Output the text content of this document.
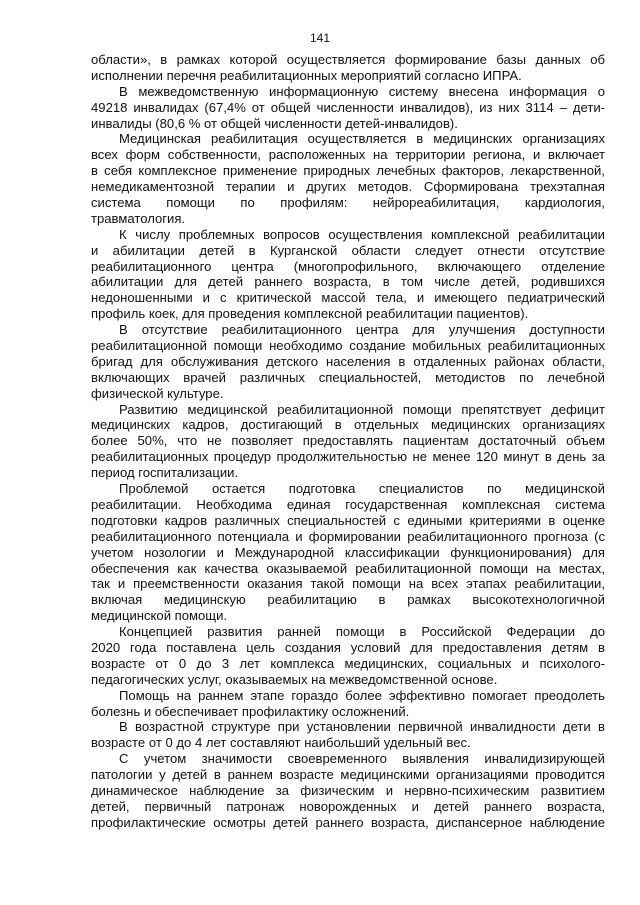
141
области», в рамках которой осуществляется формирование базы данных об
исполнении перечня реабилитационных мероприятий согласно ИПРА.
В межведомственную информационную систему внесена информация о
49218 инвалидах (67,4% от общей численности инвалидов), из них 3114 – дети-
инвалиды (80,6 % от общей численности детей-инвалидов).
Медицинская реабилитация осуществляется в медицинских организациях
всех форм собственности, расположенных на территории региона, и включает
в себя комплексное применение природных лечебных факторов, лекарственной,
немедикаментозной терапии и других методов. Сформирована трехэтапная
система помощи по профилям: нейрореабилитация, кардиология,
травматология.
К числу проблемных вопросов осуществления комплексной реабилитации
и абилитации детей в Курганской области следует отнести отсутствие
реабилитационного центра (многопрофильного, включающего отделение
абилитации для детей раннего возраста, в том числе детей, родившихся
недоношенными и с критической массой тела, и имеющего педиатрический
профиль коек, для проведения комплексной реабилитации пациентов).
В отсутствие реабилитационного центра для улучшения доступности
реабилитационной помощи необходимо создание мобильных реабилитационных
бригад для обслуживания детского населения в отдаленных районах области,
включающих врачей различных специальностей, методистов по лечебной
физической культуре.
Развитию медицинской реабилитационной помощи препятствует дефицит
медицинских кадров, достигающий в отдельных медицинских организациях
более 50%, что не позволяет предоставлять пациентам достаточный объем
реабилитационных процедур продолжительностью не менее 120 минут в день за
период госпитализации.
Проблемой остается подготовка специалистов по медицинской
реабилитации. Необходима единая государственная комплексная система
подготовки кадров различных специальностей с едиными критериями в оценке
реабилитационного потенциала и формировании реабилитационного прогноза (с
учетом нозологии и Международной классификации функционирования) для
обеспечения как качества оказываемой реабилитационной помощи на местах,
так и преемственности оказания такой помощи на всех этапах реабилитации,
включая медицинскую реабилитацию в рамках высокотехнологичной
медицинской помощи.
Концепцией развития ранней помощи в Российской Федерации до
2020 года поставлена цель создания условий для предоставления детям в
возрасте от 0 до 3 лет комплекса медицинских, социальных и психолого-
педагогических услуг, оказываемых на межведомственной основе.
Помощь на раннем этапе гораздо более эффективно помогает преодолеть
болезнь и обеспечивает профилактику осложнений.
В возрастной структуре при установлении первичной инвалидности дети в
возрасте от 0 до 4 лет составляют наибольший удельный вес.
С учетом значимости своевременного выявления инвалидизирующей
патологии у детей в раннем возрасте медицинскими организациями проводится
динамическое наблюдение за физическим и нервно-психическим развитием
детей, первичный патронаж новорожденных и детей раннего возраста,
профилактические осмотры детей раннего возраста, диспансерное наблюдение
